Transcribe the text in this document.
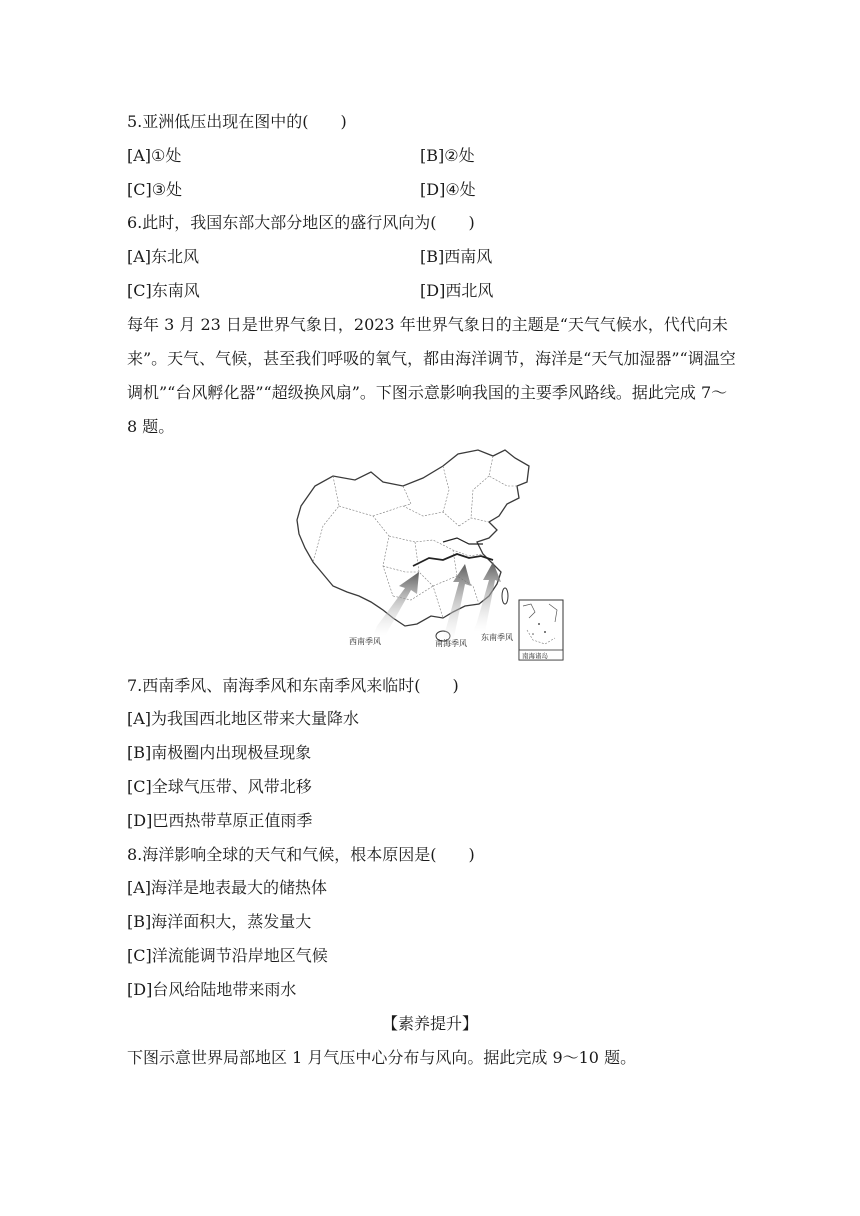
5.亚洲低压出现在图中的(　　)
[A]①处	[B]②处
[C]③处	[D]④处
6.此时，我国东部大部分地区的盛行风向为(　　)
[A]东北风	[B]西南风
[C]东南风	[D]西北风
每年 3 月 23 日是世界气象日，2023 年世界气象日的主题是“天气气候水，代代向未来”。天气、气候，甚至我们呼吸的氧气，都由海洋调节，海洋是“天气加湿器”“调温空调机”“台风孵化器”“超级换风扇”。下图示意影响我国的主要季风路线。据此完成 7～8 题。
西南季风	南海季风
东南季风
南海诸岛
7.西南季风、南海季风和东南季风来临时(　　)
[A]为我国西北地区带来大量降水
[B]南极圈内出现极昼现象
[C]全球气压带、风带北移
[D]巴西热带草原正值雨季
8.海洋影响全球的天气和气候，根本原因是(　　)
[A]海洋是地表最大的储热体
[B]海洋面积大，蒸发量大
[C]洋流能调节沿岸地区气候
[D]台风给陆地带来雨水
【素养提升】
下图示意世界局部地区 1 月气压中心分布与风向。据此完成 9～10 题。
